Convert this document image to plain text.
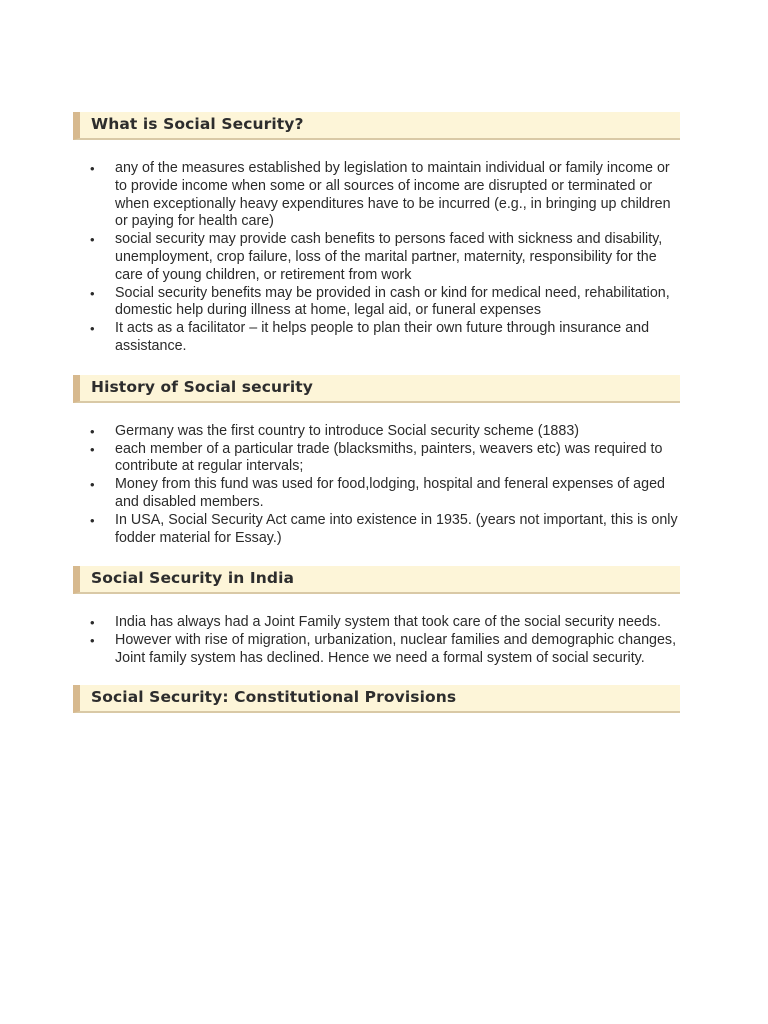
What is Social Security?
• any of the measures established by legislation to maintain individual or family income or to provide income when some or all sources of income are disrupted or terminated or when exceptionally heavy expenditures have to be incurred (e.g., in bringing up children or paying for health care)
• social security may provide cash benefits to persons faced with sickness and disability, unemployment, crop failure, loss of the marital partner, maternity, responsibility for the care of young children, or retirement from work
• Social security benefits may be provided in cash or kind for medical need, rehabilitation, domestic help during illness at home, legal aid, or funeral expenses
• It acts as a facilitator – it helps people to plan their own future through insurance and assistance.
History of Social security
• Germany was the first country to introduce Social security scheme (1883)
• each member of a particular trade (blacksmiths, painters, weavers etc) was required to contribute at regular intervals;
• Money from this fund was used for food,lodging, hospital and feneral expenses of aged and disabled members.
• In USA, Social Security Act came into existence in 1935. (years not important, this is only fodder material for Essay.)
Social Security in India
• India has always had a Joint Family system that took care of the social security needs.
• However with rise of migration, urbanization, nuclear families and demographic changes, Joint family system has declined. Hence we need a formal system of social security.
Social Security: Constitutional Provisions
